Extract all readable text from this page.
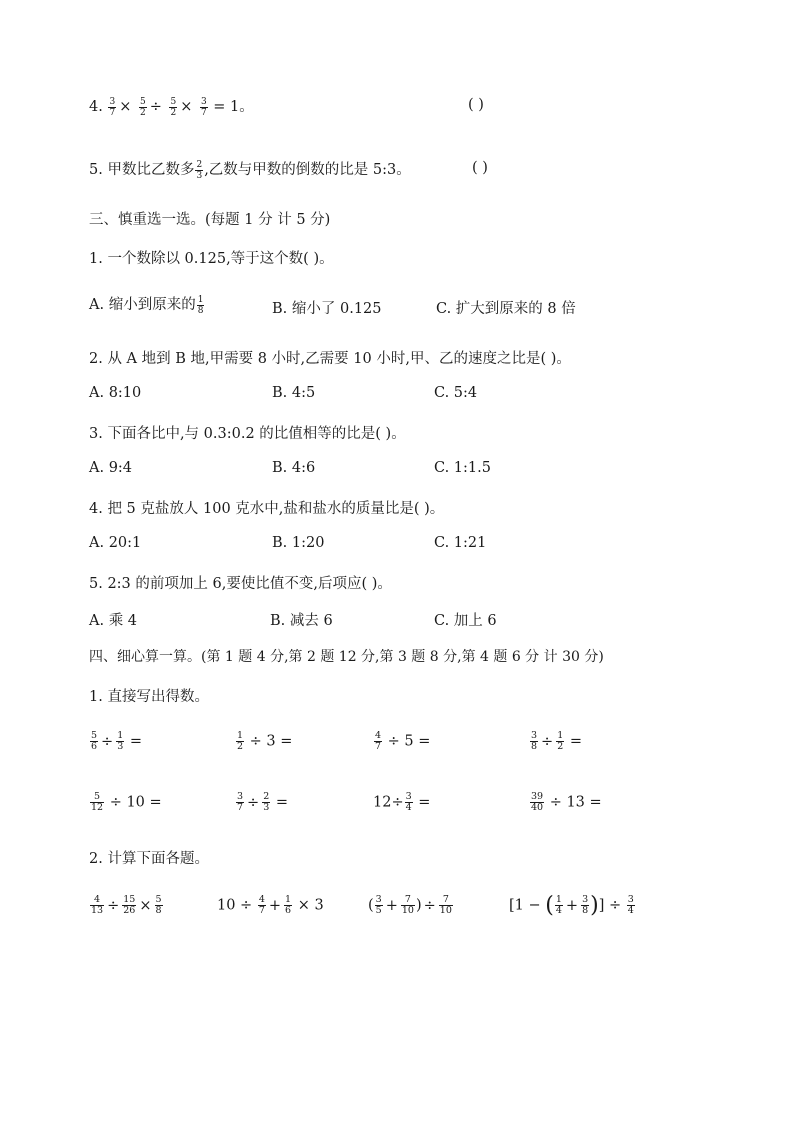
4. $\frac{3}{7} \times \frac{5}{2} \div \frac{5}{2} \times \frac{3}{7} = 1$。	( )
5. 甲数比乙数多 $\frac{2}{3}$ ,乙数与甲数的倒数的比是 5:3。	( )
三、慎重选一选。(每题 1 分 计 5 分)
1. 一个数除以 0.125,等于这个数( )。
A. 缩小到原来的 $\frac{1}{8}$	B. 缩小了 0.125	C. 扩大到原来的 8 倍
2. 从 A 地到 B 地,甲需要 8 小时,乙需要 10 小时,甲、乙的速度之比是( )。
A. 8:10	B. 4:5	C. 5:4
3. 下面各比中,与 0.3:0.2 的比值相等的比是( )。
A. 9:4	B. 4:6	C. 1:1.5
4. 把 5 克盐放人 100 克水中,盐和盐水的质量比是( )。
A. 20:1	B. 1:20	C. 1:21
5. 2:3 的前项加上 6,要使比值不变,后项应( )。
A. 乘 4	B. 减去 6	C. 加上 6
四、细心算一算。(第 1 题 4 分,第 2 题 12 分,第 3 题 8 分,第 4 题 6 分 计 30 分)
1. 直接写出得数。
$\frac{5}{6} \div \frac{1}{3}$ =	$\frac{1}{2} \div 3$ =	$\frac{4}{7} \div 5$ =	$\frac{3}{8} \div \frac{1}{2}$ =
$\frac{5}{12} \div 10$ =	$\frac{3}{7} \div \frac{2}{3}$ =	$12\div \frac{3}{4}$ =	$\frac{39}{40} \div 13$ =
2. 计算下面各题。
$\frac{4}{13} \div \frac{15}{26} \times \frac{5}{8}$	$10 \div \frac{4}{7} + \frac{1}{6} \times 3$	( $\frac{3}{5} + \frac{7}{10}$ ) ÷ $\frac{7}{10}$	[1 − ( $\frac{1}{4} + \frac{3}{8}$ )] ÷ $\frac{3}{4}$
